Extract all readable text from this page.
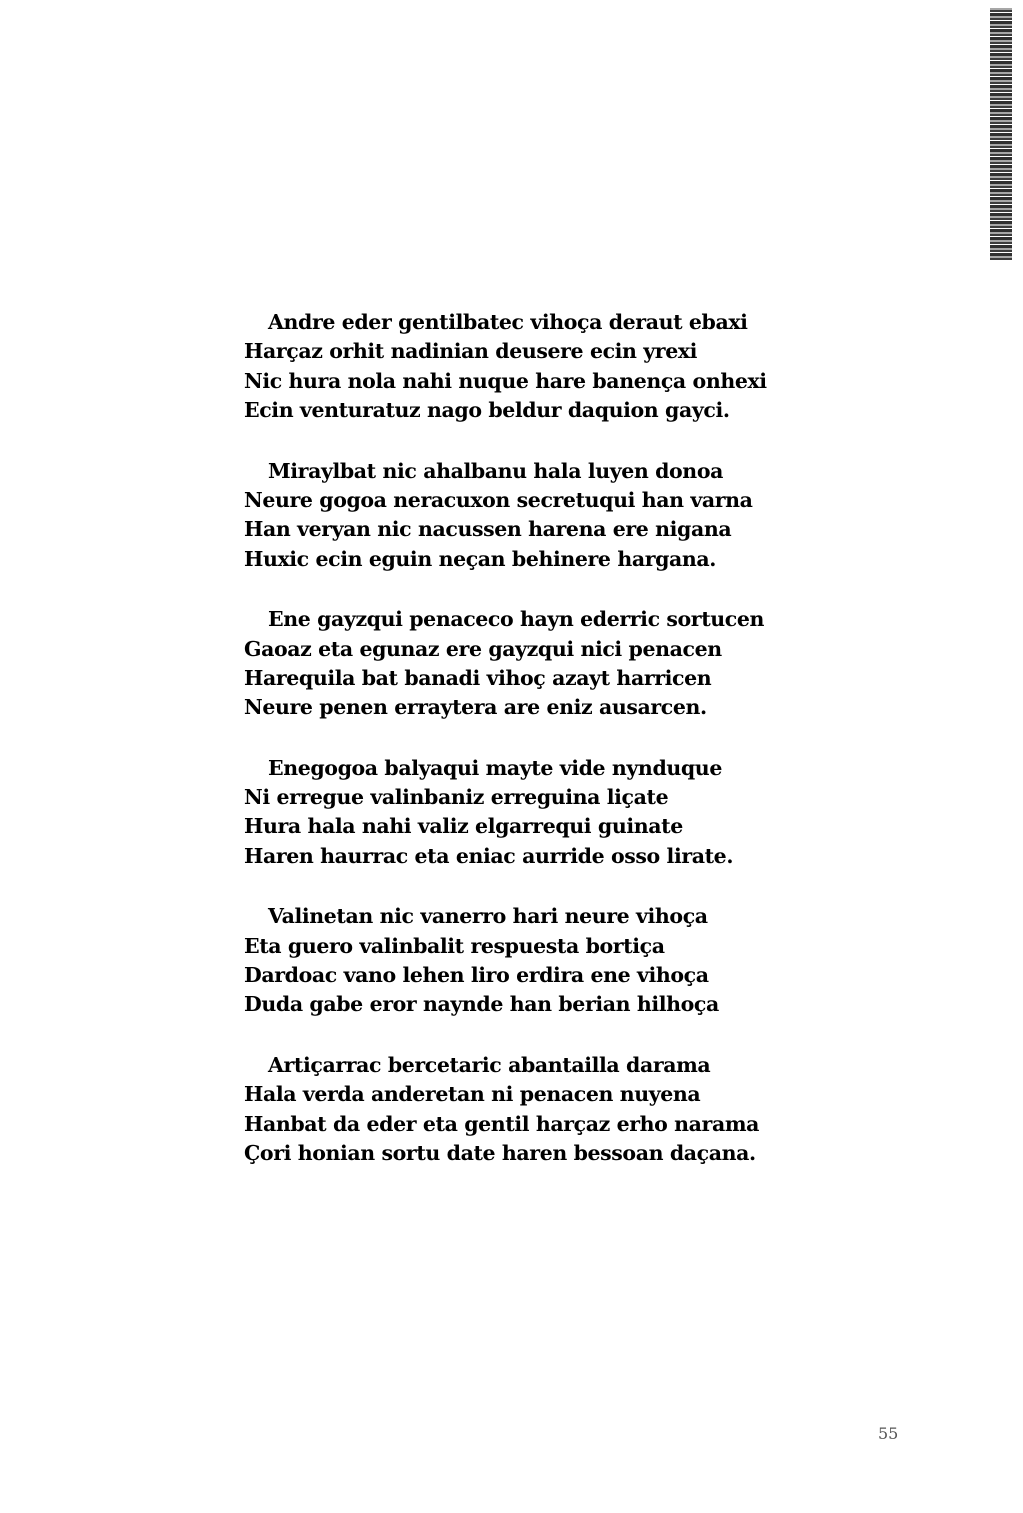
Andre eder gentilbatec vihoça deraut ebaxi
Harçaz orhit nadinian deusere ecin yrexi
Nic hura nola nahi nuque hare banença onhexi
Ecin venturatuz nago beldur daquion gayci.
Miraylbat nic ahalbanu hala luyen donoa
Neure gogoa neracuxon secretuqui han varna
Han veryan nic nacussen harena ere nigana
Huxic ecin eguin neçan behinere hargana.
Ene gayzqui penaceco hayn ederric sortucen
Gaoaz eta egunaz ere gayzqui nici penacen
Harequila bat banadi vihoç azayt harricen
Neure penen erraytera are eniz ausarcen.
Enegogoa balyaqui mayte vide nynduque
Ni erregue valinbaniz erreguina liçate
Hura hala nahi valiz elgarrequi guinate
Haren haurrac eta eniac aurride osso lirate.
Valinetan nic vanerro hari neure vihoça
Eta guero valinbalit respuesta bortiça
Dardoac vano lehen liro erdira ene vihoça
Duda gabe eror naynde han berian hilhoça
Artiçarrac bercetaric abantailla darama
Hala verda anderetan ni penacen nuyena
Hanbat da eder eta gentil harçaz erho narama
Çori honian sortu date haren bessoan daçana.
55
